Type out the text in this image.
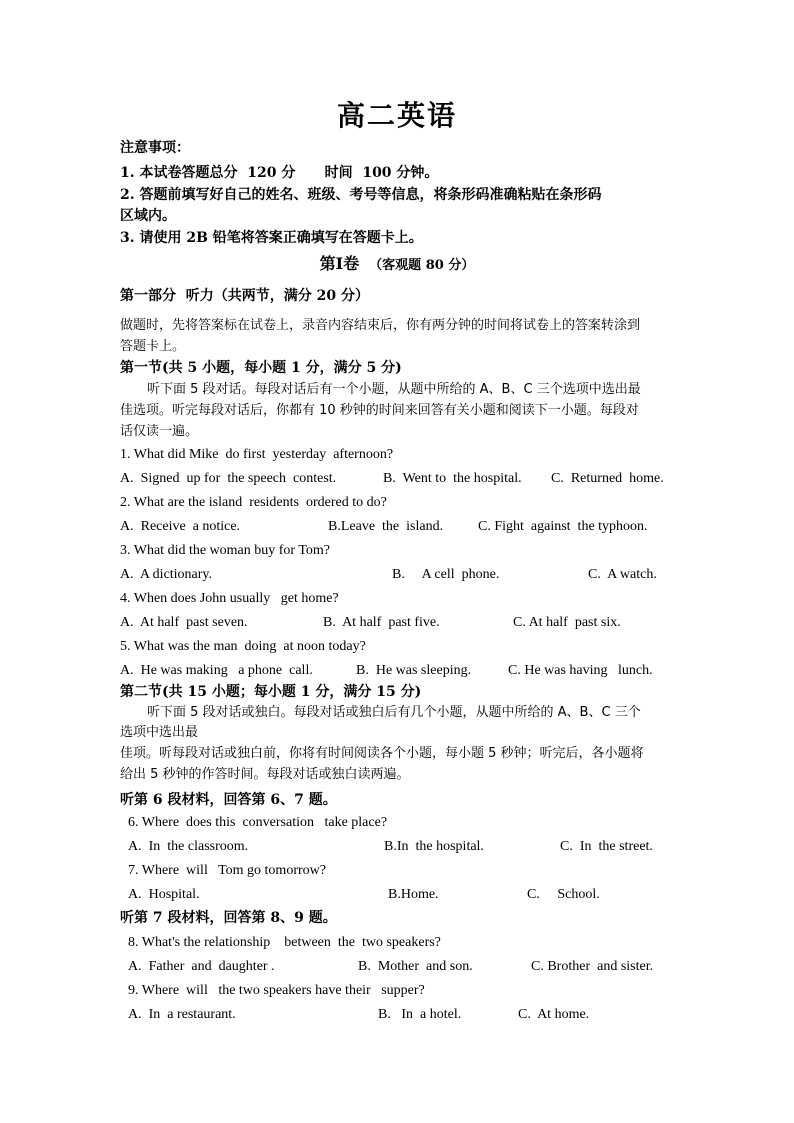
高二英语
注意事项：
1. 本试卷答题总分  120 分      时间  100 分钟。
2. 答题前填写好自己的姓名、班级、考号等信息，将条形码准确粘贴在条形码
区域内。
3. 请使用 2B 铅笔将答案正确填写在答题卡上。
第Ⅰ卷 （客观题 80 分）
第一部分  听力（共两节，满分 20 分）
做题时，先将答案标在试卷上，录音内容结束后，你有两分钟的时间将试卷上的答案转涂到
答题卡上。
第一节(共 5 小题，每小题 1 分，满分 5 分)
听下面 5 段对话。每段对话后有一个小题，从题中所给的 A、B、C 三个选项中选出最
佳选项。听完每段对话后，你都有 10 秒钟的时间来回答有关小题和阅读下一小题。每段对
话仅读一遍。
1. What did Mike  do first  yesterday  afternoon?
A.  Signed  up for  the speech  contest.	B.  Went to  the hospital. C.  Returned  home.
2. What are the island  residents  ordered to do?
A.  Receive  a notice.	B.Leave  the  island. C. Fight  against  the typhoon.
3. What did the woman buy for Tom?
A.  A dictionary.	B.     A cell  phone.	C.  A watch.
4. When does John usually   get home?
A.  At half  past seven.	B.  At half  past five.	C. At half  past six.
5. What was the man  doing  at noon today?
A.  He was making   a phone  call.	B.  He was sleeping.	C. He was having   lunch.
第二节(共 15 小题；每小题 1 分，满分 15 分)
听下面 5 段对话或独白。每段对话或独白后有几个小题，从题中所给的 A、B、C 三个
选项中选出最
佳项。听每段对话或独白前，你将有时间阅读各个小题，每小题 5 秒钟；听完后，各小题将
给出 5 秒钟的作答时间。每段对话或独白读两遍。
听第 6 段材料，回答第 6、7 题。
6. Where  does this  conversation   take place?
A.  In  the classroom.	B.In  the hospital.	C.  In  the street.
7. Where  will   Tom go tomorrow?
A.  Hospital.	B.Home.	C.     School.
听第 7 段材料，回答第 8、9 题。
8. What's the relationship    between  the  two speakers?
A.  Father  and  daughter .	B.  Mother  and son.	C. Brother  and sister.
9. Where  will   the two speakers have their   supper?
A.  In  a restaurant.	B.   In  a hotel.	C.  At home.
